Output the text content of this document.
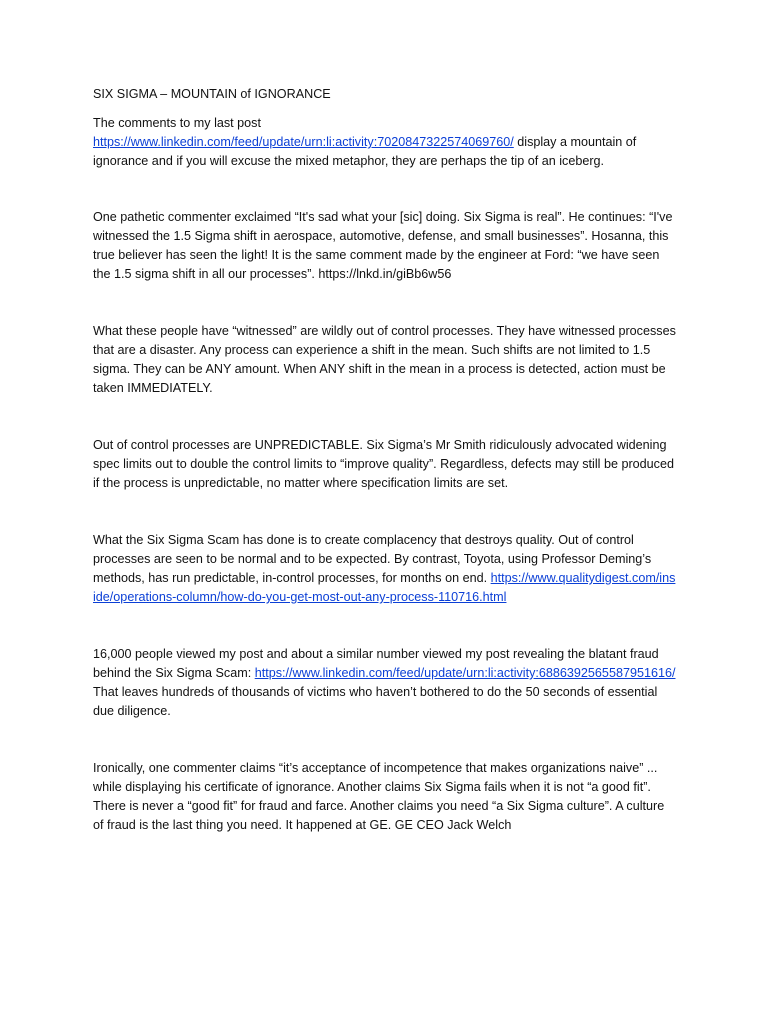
SIX SIGMA – MOUNTAIN of IGNORANCE

The comments to my last post
https://www.linkedin.com/feed/update/urn:li:activity:7020847322574069760/ display a mountain of ignorance and if you will excuse the mixed metaphor, they are perhaps the tip of an iceberg.

One pathetic commenter exclaimed “It's sad what your [sic] doing. Six Sigma is real”. He continues: “I've witnessed the 1.5 Sigma shift in aerospace, automotive, defense, and small businesses”. Hosanna, this true believer has seen the light! It is the same comment made by the engineer at Ford: “we have seen the 1.5 sigma shift in all our processes”. https://lnkd.in/giBb6w56

What these people have “witnessed” are wildly out of control processes. They have witnessed processes that are a disaster. Any process can experience a shift in the mean. Such shifts are not limited to 1.5 sigma. They can be ANY amount. When ANY shift in the mean in a process is detected, action must be taken IMMEDIATELY.

Out of control processes are UNPREDICTABLE. Six Sigma’s Mr Smith ridiculously advocated widening spec limits out to double the control limits to “improve quality”. Regardless, defects may still be produced if the process is unpredictable, no matter where specification limits are set.

What the Six Sigma Scam has done is to create complacency that destroys quality. Out of control processes are seen to be normal and to be expected. By contrast, Toyota, using Professor Deming’s methods, has run predictable, in-control processes, for months on end. https://www.qualitydigest.com/inside/operations-column/how-do-you-get-most-out-any-process-110716.html

16,000 people viewed my post and about a similar number viewed my post revealing the blatant fraud behind the Six Sigma Scam: https://www.linkedin.com/feed/update/urn:li:activity:6886392565587951616/ That leaves hundreds of thousands of victims who haven’t bothered to do the 50 seconds of essential due diligence.

Ironically, one commenter claims “it’s acceptance of incompetence that makes organizations naive” ... while displaying his certificate of ignorance. Another claims Six Sigma fails when it is not “a good fit”. There is never a “good fit” for fraud and farce. Another claims you need “a Six Sigma culture”. A culture of fraud is the last thing you need. It happened at GE. GE CEO Jack Welch
